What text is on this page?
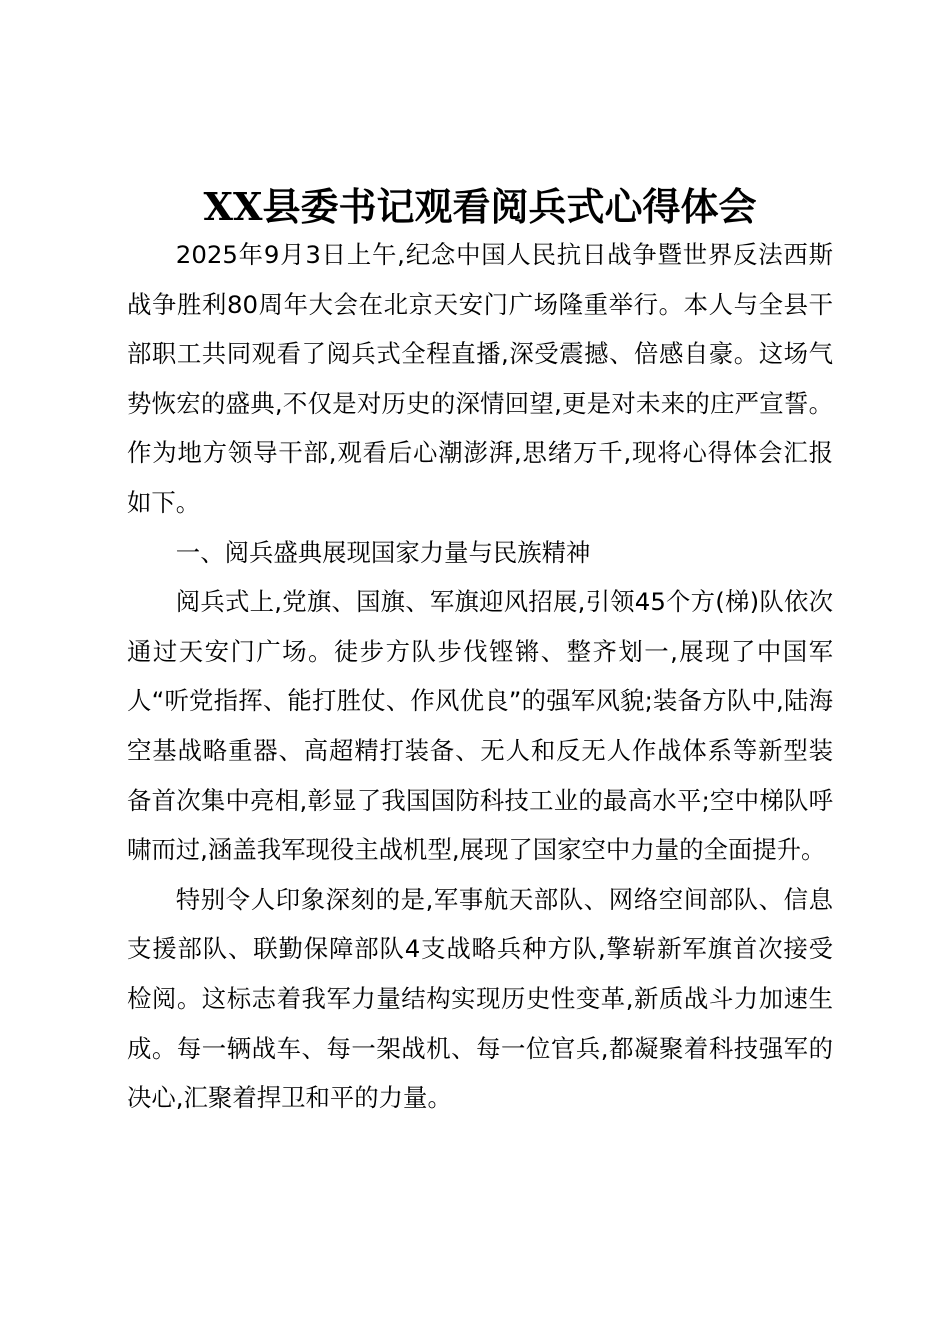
XX县委书记观看阅兵式心得体会

2025年9月3日上午,纪念中国人民抗日战争暨世界反法西斯战争胜利80周年大会在北京天安门广场隆重举行。本人与全县干部职工共同观看了阅兵式全程直播,深受震撼、倍感自豪。这场气势恢宏的盛典,不仅是对历史的深情回望,更是对未来的庄严宣誓。作为地方领导干部,观看后心潮澎湃,思绪万千,现将心得体会汇报如下。

一、阅兵盛典展现国家力量与民族精神

阅兵式上,党旗、国旗、军旗迎风招展,引领45个方(梯)队依次通过天安门广场。徒步方队步伐铿锵、整齐划一,展现了中国军人“听党指挥、能打胜仗、作风优良”的强军风貌;装备方队中,陆海空基战略重器、高超精打装备、无人和反无人作战体系等新型装备首次集中亮相,彰显了我国国防科技工业的最高水平;空中梯队呼啸而过,涵盖我军现役主战机型,展现了国家空中力量的全面提升。

特别令人印象深刻的是,军事航天部队、网络空间部队、信息支援部队、联勤保障部队4支战略兵种方队,擎崭新军旗首次接受检阅。这标志着我军力量结构实现历史性变革,新质战斗力加速生成。每一辆战车、每一架战机、每一位官兵,都凝聚着科技强军的决心,汇聚着捍卫和平的力量。
